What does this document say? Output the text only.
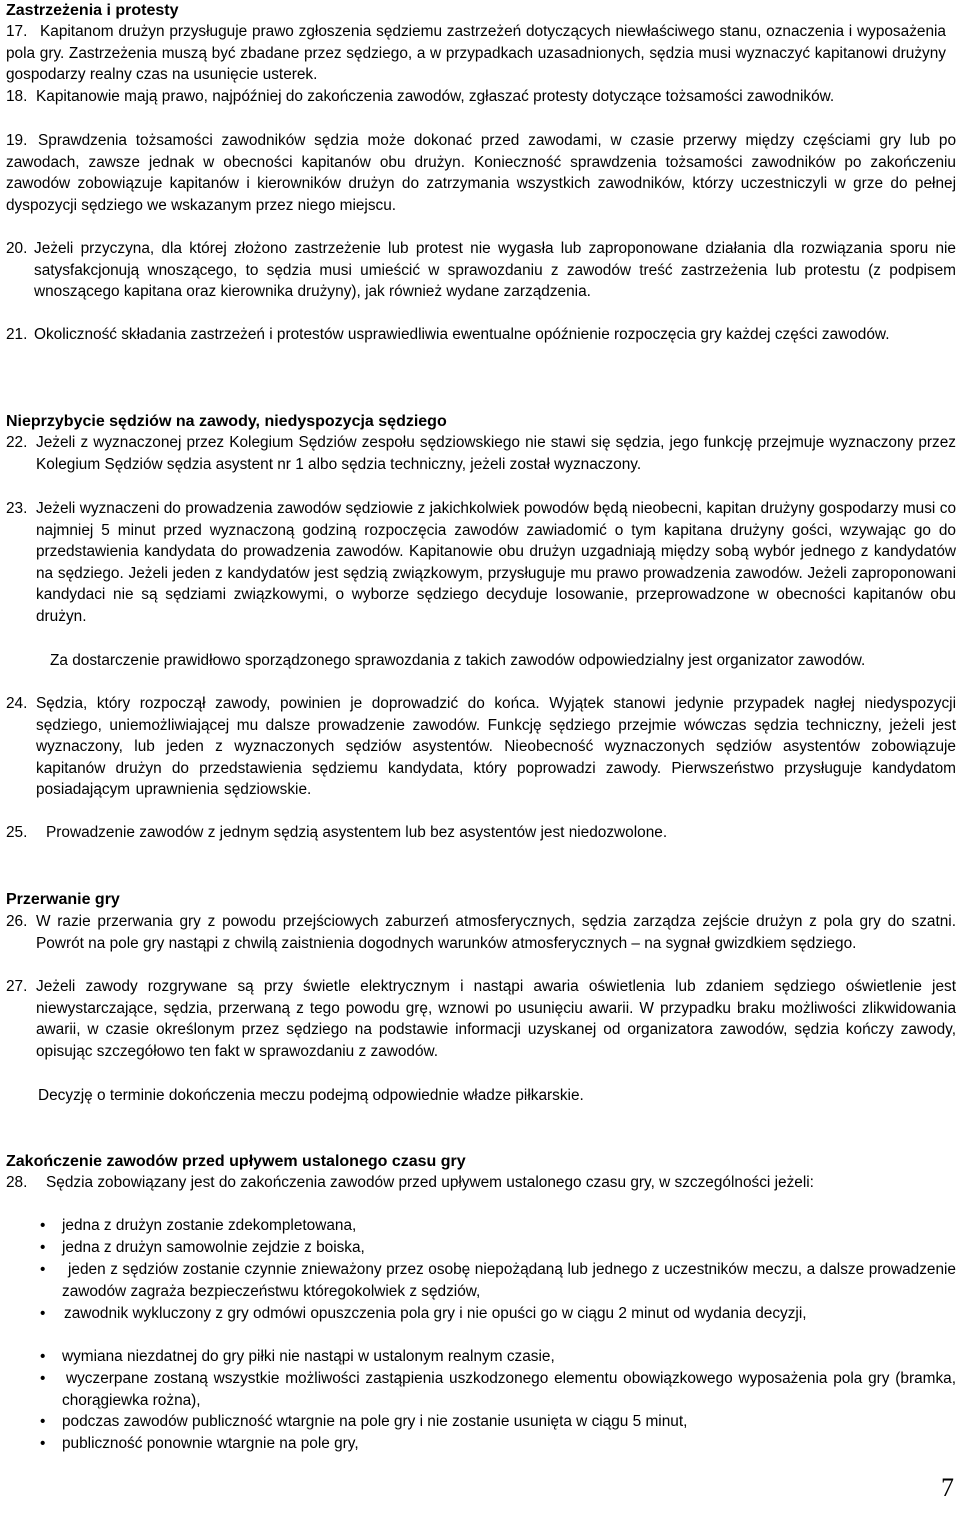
Zastrzeżenia i protesty
17. Kapitanom drużyn przysługuje prawo zgłoszenia sędziemu zastrzeżeń dotyczących niewłaściwego stanu, oznaczenia i wyposażenia pola gry. Zastrzeżenia muszą być zbadane przez sędziego, a w przypadkach uzasadnionych, sędzia musi wyznaczyć kapitanowi drużyny gospodarzy realny czas na usunięcie usterek.
18. Kapitanowie mają prawo, najpóźniej do zakończenia zawodów, zgłaszać protesty dotyczące tożsamości zawodników.
19. Sprawdzenia tożsamości zawodników sędzia może dokonać przed zawodami, w czasie przerwy między częściami gry lub po zawodach, zawsze jednak w obecności kapitanów obu drużyn. Konieczność sprawdzenia tożsamości zawodników po zakończeniu zawodów zobowiązuje kapitanów i kierowników drużyn do zatrzymania wszystkich zawodników, którzy uczestniczyli w grze do pełnej dyspozycji sędziego we wskazanym przez niego miejscu.
20. Jeżeli przyczyna, dla której złożono zastrzeżenie lub protest nie wygasła lub zaproponowane działania dla rozwiązania sporu nie satysfakcjonują wnoszącego, to sędzia musi umieścić w sprawozdaniu z zawodów treść zastrzeżenia lub protestu (z podpisem wnoszącego kapitana oraz kierownika drużyny), jak również wydane zarządzenia.
21. Okoliczność składania zastrzeżeń i protestów usprawiedliwia ewentualne opóźnienie rozpoczęcia gry każdej części zawodów.
Nieprzybycie sędziów na zawody, niedyspozycja sędziego
22. Jeżeli z wyznaczonej przez Kolegium Sędziów zespołu sędziowskiego nie stawi się sędzia, jego funkcję przejmuje wyznaczony przez Kolegium Sędziów sędzia asystent nr 1 albo sędzia techniczny, jeżeli został wyznaczony.
23. Jeżeli wyznaczeni do prowadzenia zawodów sędziowie z jakichkolwiek powodów będą nieobecni, kapitan drużyny gospodarzy musi co najmniej 5 minut przed wyznaczoną godziną rozpoczęcia zawodów zawiadomić o tym kapitana drużyny gości, wzywając go do przedstawienia kandydata do prowadzenia zawodów. Kapitanowie obu drużyn uzgadniają między sobą wybór jednego z kandydatów na sędziego. Jeżeli jeden z kandydatów jest sędzią związkowym, przysługuje mu prawo prowadzenia zawodów. Jeżeli zaproponowani kandydaci nie są sędziami związkowymi, o wyborze sędziego decyduje losowanie, przeprowadzone w obecności kapitanów obu drużyn.
Za dostarczenie prawidłowo sporządzonego sprawozdania z takich zawodów odpowiedzialny jest organizator zawodów.
24. Sędzia, który rozpoczął zawody, powinien je doprowadzić do końca. Wyjątek stanowi jedynie przypadek nagłej niedyspozycji sędziego, uniemożliwiającej mu dalsze prowadzenie zawodów. Funkcję sędziego przejmie wówczas sędzia techniczny, jeżeli jest wyznaczony, lub jeden z wyznaczonych sędziów asystentów. Nieobecność wyznaczonych sędziów asystentów zobowiązuje kapitanów drużyn do przedstawienia sędziemu kandydata, który poprowadzi zawody. Pierwszeństwo przysługuje kandydatom posiadającym uprawnienia sędziowskie.
25.	Prowadzenie zawodów z jednym sędzią asystentem lub bez asystentów jest niedozwolone.
Przerwanie gry
26. W razie przerwania gry z powodu przejściowych zaburzeń atmosferycznych, sędzia zarządza zejście drużyn z pola gry do szatni. Powrót na pole gry nastąpi z chwilą zaistnienia dogodnych warunków atmosferycznych – na sygnał gwizdkiem sędziego.
27. Jeżeli zawody rozgrywane są przy świetle elektrycznym i nastąpi awaria oświetlenia lub zdaniem sędziego oświetlenie jest niewystarczające, sędzia, przerwaną z tego powodu grę, wznowi po usunięciu awarii. W przypadku braku możliwości zlikwidowania awarii, w czasie określonym przez sędziego na podstawie informacji uzyskanej od organizatora zawodów, sędzia kończy zawody, opisując szczegółowo ten fakt w sprawozdaniu z zawodów.
Decyzję o terminie dokończenia meczu podejmą odpowiednie władze piłkarskie.
Zakończenie zawodów przed upływem ustalonego czasu gry
28.	Sędzia zobowiązany jest do zakończenia zawodów przed upływem ustalonego czasu gry, w szczególności jeżeli:
•	jedna z drużyn zostanie zdekompletowana,
•	jedna z drużyn samowolnie zejdzie z boiska,
•	jeden z sędziów zostanie czynnie znieważony przez osobę niepożądaną lub jednego z uczestników meczu, a dalsze prowadzenie zawodów zagraża bezpieczeństwu któregokolwiek z sędziów,
•	zawodnik wykluczony z gry odmówi opuszczenia pola gry i nie opuści go w ciągu 2 minut od wydania decyzji,
•	wymiana niezdatnej do gry piłki nie nastąpi w ustalonym realnym czasie,
•	wyczerpane zostaną wszystkie możliwości zastąpienia uszkodzonego elementu obowiązkowego wyposażenia pola gry (bramka, chorągiewka rożna),
•	podczas zawodów publiczność wtargnie na pole gry i nie zostanie usunięta w ciągu 5 minut,
•	publiczność ponownie wtargnie na pole gry,
7
